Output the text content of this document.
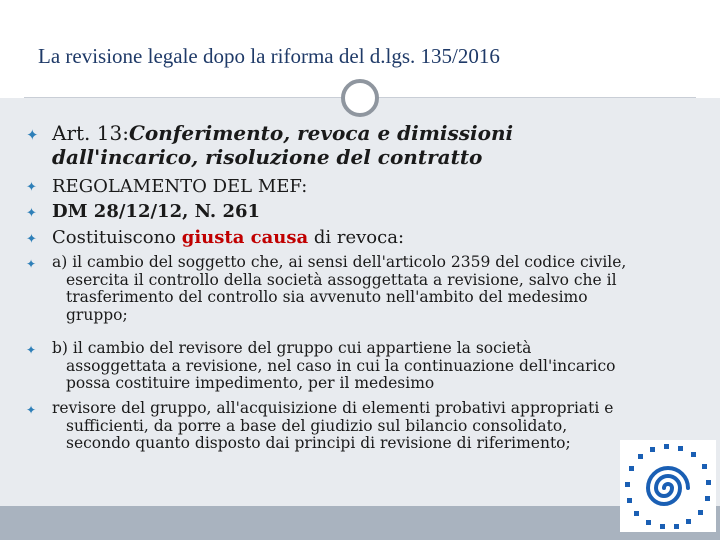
La revisione legale dopo la riforma del d.lgs. 135/2016
✦ Art. 13:Conferimento, revoca e dimissioni
dall'incarico, risoluzione del contratto
✦ REGOLAMENTO DEL MEF:
✦ DM 28/12/12, N. 261
✦ Costituiscono giusta causa di revoca:
✦ a) il cambio del soggetto che, ai sensi dell'articolo 2359 del codice civile,
esercita il controllo della società assoggettata a revisione, salvo che il
trasferimento del controllo sia avvenuto nell'ambito del medesimo
gruppo;
✦ b) il cambio del revisore del gruppo cui appartiene la società
assoggettata a revisione, nel caso in cui la continuazione dell'incarico
possa costituire impedimento, per il medesimo
✦ revisore del gruppo, all'acquisizione di elementi probativi appropriati e
sufficienti, da porre a base del giudizio sul bilancio consolidato,
secondo quanto disposto dai principi di revisione di riferimento;
